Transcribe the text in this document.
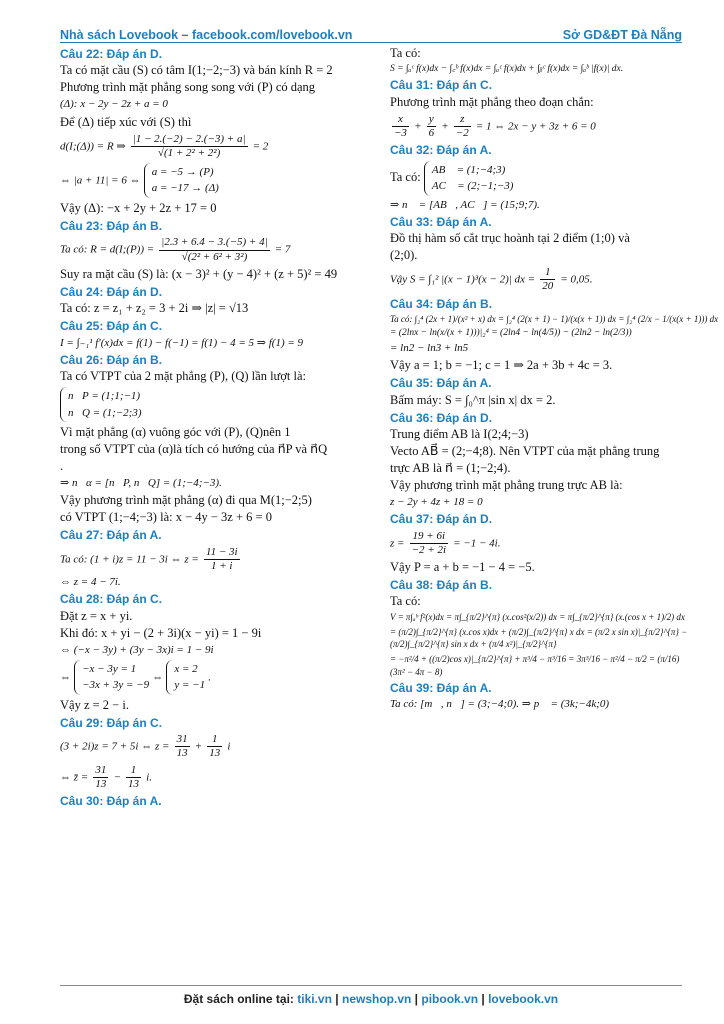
Nhà sách Lovebook – facebook.com/lovebook.vn	Sở GD&ĐT Đà Nẵng
Câu 22: Đáp án D.
Ta có mặt cầu (S) có tâm I(1;−2;−3) và bán kính R = 2
Phương trình mặt phẳng song song với (P) có dạng
(Δ): x − 2y − 2z + a = 0
Để (Δ) tiếp xúc với (S) thì
d(I;(Δ)) = R ⇒ $\frac{|1 - 2.(-2) - 2.(-3) + a|}{\text{√(1 + 2² + 2²)}} = 2$
⇔ |a + 11| = 6 ⇔
a = −5 → (P)
a = −17 → (Δ)
Vậy (Δ): −x + 2y + 2z + 17 = 0
Câu 23: Đáp án B.
Ta có: R = d(I;(P)) = $\frac{|2.3 + 6.4 - 3.(-5) + 4|}{\text{√(2² + 6² + 3²)}} = 7$
Suy ra mặt cầu (S) là: (x − 3)² + (y − 4)² + (z + 5)² = 49
Câu 24: Đáp án D.
Ta có: z = z₁ + z₂ = 3 + 2i ⇒ |z| = √13
Câu 25: Đáp án C.
I = ∫₋₁¹ f′(x)dx = f(1) − f(−1) = f(1) − 4 = 5 ⇒ f(1) = 9
Câu 26: Đáp án B.
Ta có VTPT của 2 mặt phẳng (P), (Q) lần lượt là:
n⃗P = (1;1;−1)
n⃗Q = (1;−2;3)
Vì mặt phẳng (α) vuông góc với (P), (Q)nên 1
trong số VTPT của (α)là tích có hướng của n⃗P và n⃗Q
.
⇒ n⃗α = [n⃗P, n⃗Q] = (1;−4;−3).
Vậy phương trình mặt phẳng (α) đi qua M(1;−2;5)
có VTPT (1;−4;−3) là: x − 4y − 3z + 6 = 0
Câu 27: Đáp án A.
Ta có: (1 + i)z = 11 − 3i ⇔ $z = \frac{11 - 3i}{1 + i}$
⇔ z = 4 − 7i.
Câu 28: Đáp án C.
Đặt z = x + yi.
Khi đó: x + yi − (2 + 3i)(x − yi) = 1 − 9i
⇔ (−x − 3y) + (3y − 3x)i = 1 − 9i
⇔
−x − 3y = 1
−3x + 3y = −9
⇔
x = 2
y = −1
.
Vậy z = 2 − i.
Câu 29: Đáp án C.
(3 + 2i)z = 7 + 5i ⇔ $z = \frac{31}{13} + \frac{1}{13}$ i
⇔ z̄ = $\frac{31}{13} - \frac{1}{13} i$.
Câu 30: Đáp án A.
Ta có:
S = ∫ₐᶜ f(x)dx − ∫꜀ᵇ f(x)dx = ∫ₐᶜ f(x)dx + ∫ᵦᶜ f(x)dx = ∫ₐᵇ |f(x)| dx.
Câu 31: Đáp án C.
Phương trình mặt phẳng theo đoạn chắn:
$\frac{x}{-3} + \frac{y}{6} + \frac{z}{-2} = 1$ ⇔ 2x − y + 3z + 6 = 0
Câu 32: Đáp án A.
Ta có:
AB⃗ = (1;−4;3)
AC⃗ = (2;−1;−3)
⇒ n⃗ = [AB⃗, AC⃗] = (15;9;7).
Câu 33: Đáp án A.
Đồ thị hàm số cắt trục hoành tại 2 điểm (1;0) và
(2;0).
Vậy S = ∫₁² |(x − 1)³(x − 2)| dx = $\frac{1}{20} = 0,05$.
Câu 34: Đáp án B.
Ta có: ∫₂⁴ (2x + 1)/(x² + x) dx = ∫₂⁴ (2(x + 1) − 1)/(x(x + 1)) dx = ∫₂⁴ (2/x − 1/(x(x + 1))) dx
= (2lnx − ln(x/(x + 1)))|₂⁴ = (2ln4 − ln(4/5)) − (2ln2 − ln(2/3))
= ln2 − ln3 + ln5
Vậy a = 1; b = −1; c = 1 ⇒ 2a + 3b + 4c = 3.
Câu 35: Đáp án A.
Bấm máy: S = ∫₀^π |sin x| dx = 2.
Câu 36: Đáp án D.
Trung điểm AB là I(2;4;−3)
Vecto AB⃗ = (2;−4;8). Nên VTPT của mặt phẳng trung
trực AB là n⃗ = (1;−2;4).
Vậy phương trình mặt phẳng trung trực AB là:
z − 2y + 4z + 18 = 0
Câu 37: Đáp án D.
$z = \frac{19 + 6i}{-2 + 2i} = -1 - 4i$.
Vậy P = a + b = −1 − 4 = −5.
Câu 38: Đáp án B.
Ta có:
V = π∫ₐᵇ f²(x)dx = π∫_{π/2}^{π} (x.cos²(x/2)) dx = π∫_{π/2}^{π} (x.(cos x + 1)/2) dx
= (π/2)∫_{π/2}^{π} (x.cos x)dx + (π/2)∫_{π/2}^{π} x dx = (π/2 x sin x)|_{π/2}^{π} − (π/2)∫_{π/2}^{π} sin x dx + (π/4 x²)|_{π/2}^{π}
= −π²/4 + ((π/2)cos x)|_{π/2}^{π} + π³/4 − π³/16 = 3π³/16 − π²/4 − π/2 = (π/16)(3π² − 4π − 8)
Câu 39: Đáp án A.
Ta có: [m⃗, n⃗] = (3;−4;0). ⇒ p⃗ = (3k;−4k;0)
Đặt sách online tại: tiki.vn | newshop.vn | pibook.vn | lovebook.vn
